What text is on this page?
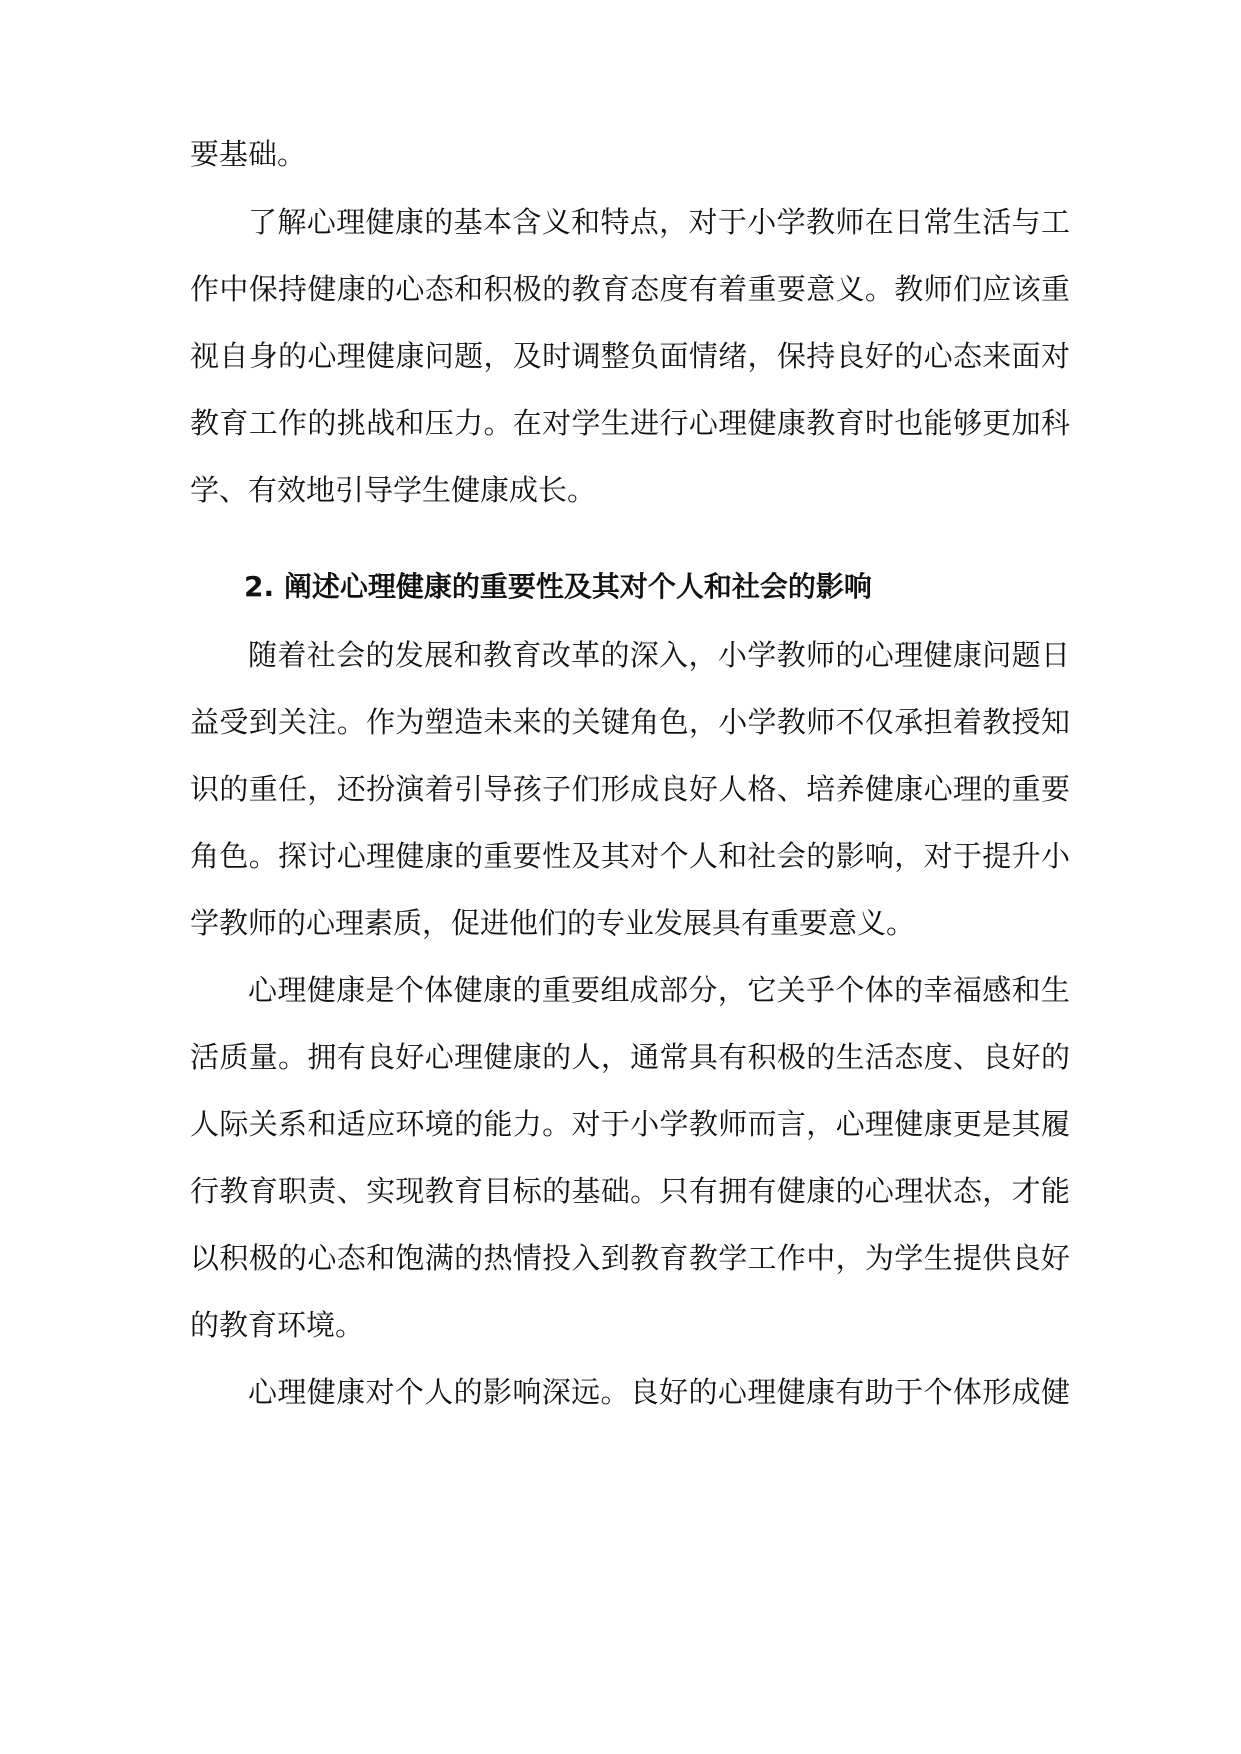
要基础。
了解心理健康的基本含义和特点，对于小学教师在日常生活与工
作中保持健康的心态和积极的教育态度有着重要意义。教师们应该重
视自身的心理健康问题，及时调整负面情绪，保持良好的心态来面对
教育工作的挑战和压力。在对学生进行心理健康教育时也能够更加科
学、有效地引导学生健康成长。
2. 阐述心理健康的重要性及其对个人和社会的影响
随着社会的发展和教育改革的深入，小学教师的心理健康问题日
益受到关注。作为塑造未来的关键角色，小学教师不仅承担着教授知
识的重任，还扮演着引导孩子们形成良好人格、培养健康心理的重要
角色。探讨心理健康的重要性及其对个人和社会的影响，对于提升小
学教师的心理素质，促进他们的专业发展具有重要意义。
心理健康是个体健康的重要组成部分，它关乎个体的幸福感和生
活质量。拥有良好心理健康的人，通常具有积极的生活态度、良好的
人际关系和适应环境的能力。对于小学教师而言，心理健康更是其履
行教育职责、实现教育目标的基础。只有拥有健康的心理状态，才能
以积极的心态和饱满的热情投入到教育教学工作中，为学生提供良好
的教育环境。
心理健康对个人的影响深远。良好的心理健康有助于个体形成健
